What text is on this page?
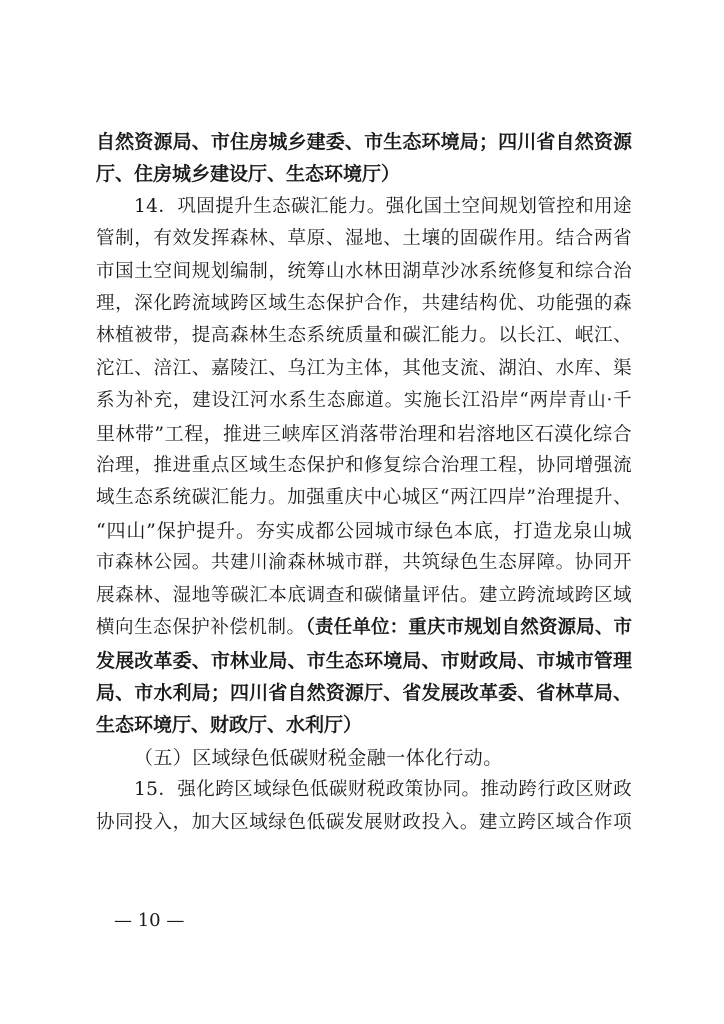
自然资源局、市住房城乡建委、市生态环境局；四川省自然资源

厅、住房城乡建设厅、生态环境厅）

14．巩固提升生态碳汇能力。强化国土空间规划管控和用途

管制，有效发挥森林、草原、湿地、土壤的固碳作用。结合两省

市国土空间规划编制，统筹山水林田湖草沙冰系统修复和综合治

理，深化跨流域跨区域生态保护合作，共建结构优、功能强的森

林植被带，提高森林生态系统质量和碳汇能力。以长江、岷江、

沱江、涪江、嘉陵江、乌江为主体，其他支流、湖泊、水库、渠

系为补充，建设江河水系生态廊道。实施长江沿岸“两岸青山·千

里林带”工程，推进三峡库区消落带治理和岩溶地区石漠化综合

治理，推进重点区域生态保护和修复综合治理工程，协同增强流

域生态系统碳汇能力。加强重庆中心城区“两江四岸”治理提升、

“四山”保护提升。夯实成都公园城市绿色本底，打造龙泉山城

市森林公园。共建川渝森林城市群，共筑绿色生态屏障。协同开

展森林、湿地等碳汇本底调查和碳储量评估。建立跨流域跨区域

横向生态保护补偿机制。（责任单位：重庆市规划自然资源局、市

发展改革委、市林业局、市生态环境局、市财政局、市城市管理

局、市水利局；四川省自然资源厅、省发展改革委、省林草局、

生态环境厅、财政厅、水利厅）

（五）区域绿色低碳财税金融一体化行动。

15．强化跨区域绿色低碳财税政策协同。推动跨行政区财政

协同投入，加大区域绿色低碳发展财政投入。建立跨区域合作项

— 10 —
